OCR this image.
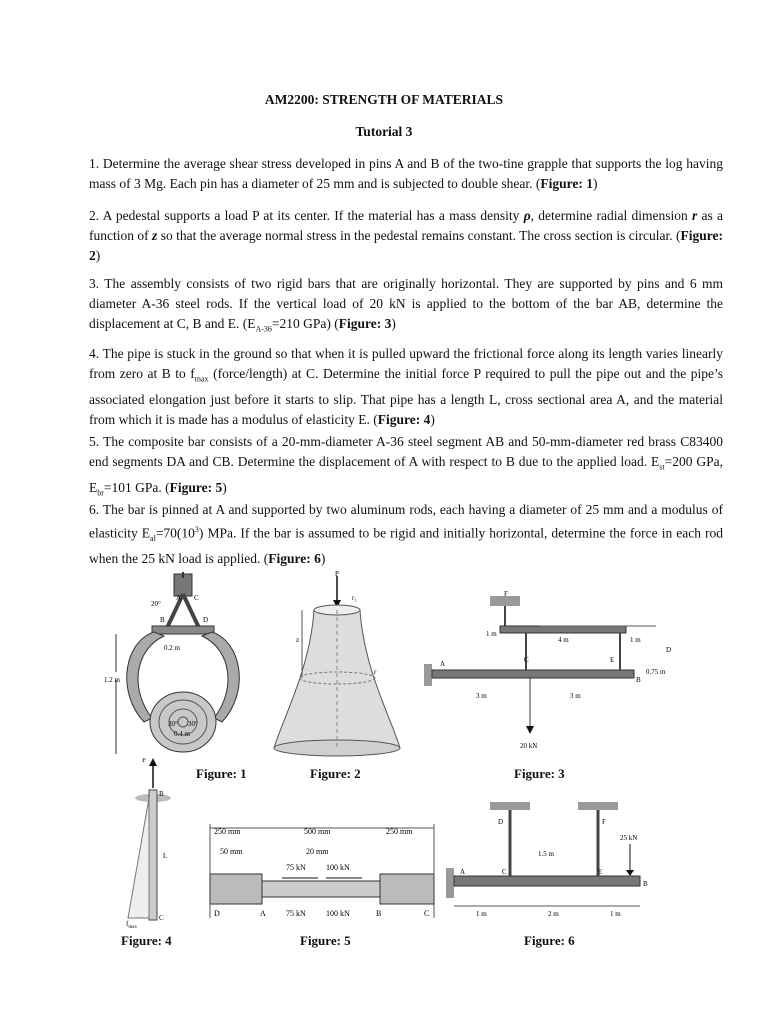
AM2200: STRENGTH OF MATERIALS
Tutorial 3

1. Determine the average shear stress developed in pins A and B of the two-tine grapple that supports the log having mass of 3 Mg. Each pin has a diameter of 25 mm and is subjected to double shear. (Figure: 1)

2. A pedestal supports a load P at its center. If the material has a mass density ρ, determine radial dimension r as a function of z so that the average normal stress in the pedestal remains constant. The cross section is circular. (Figure: 2)

3. The assembly consists of two rigid bars that are originally horizontal. They are supported by pins and 6 mm diameter A-36 steel rods. If the vertical load of 20 kN is applied to the bottom of the bar AB, determine the displacement at C, B and E. ($E_{A-36}=210$ GPa) (Figure: 3)

4. The pipe is stuck in the ground so that when it is pulled upward the frictional force along its length varies linearly from zero at B to $f_{max}$ (force/length) at C. Determine the initial force P required to pull the pipe out and the pipe’s associated elongation just before it starts to slip. That pipe has a length L, cross sectional area A, and the material from which it is made has a modulus of elasticity E. (Figure: 4)

5. The composite bar consists of a 20-mm-diameter A-36 steel segment AB and 50-mm-diameter red brass C83400 end segments DA and CB. Determine the displacement of A with respect to B due to the applied load. $E_{st}=200$ GPa, $E_{br}=101$ GPa. (Figure: 5)

6. The bar is pinned at A and supported by two aluminum rods, each having a diameter of 25 mm and a modulus of elasticity $E_{al}=70(10^3)$ MPa. If the bar is assumed to be rigid and initially horizontal, determine the force in each rod when the 25 kN load is applied. (Figure: 6)

20°
A C
B	D
0.2 m
1.2 m
30° 30°
0.4 m
P
r₁
z
r
F
1 m
4 m	1 m
D
C	E
A
B
0.75 m
3 m	3 m
20 kN
Figure: 1	Figure: 2	Figure: 3
P
B
L
C
$f_{max}$
250 mm	500 mm	250 mm
50 mm	20 mm
75 kN	100 kN
75 kN	100 kN
D	A	B	C
D	F
1.5 m
25 kN
A	C	E
B
1 m	2 m	1 m
Figure: 4	Figure: 5	Figure: 6
